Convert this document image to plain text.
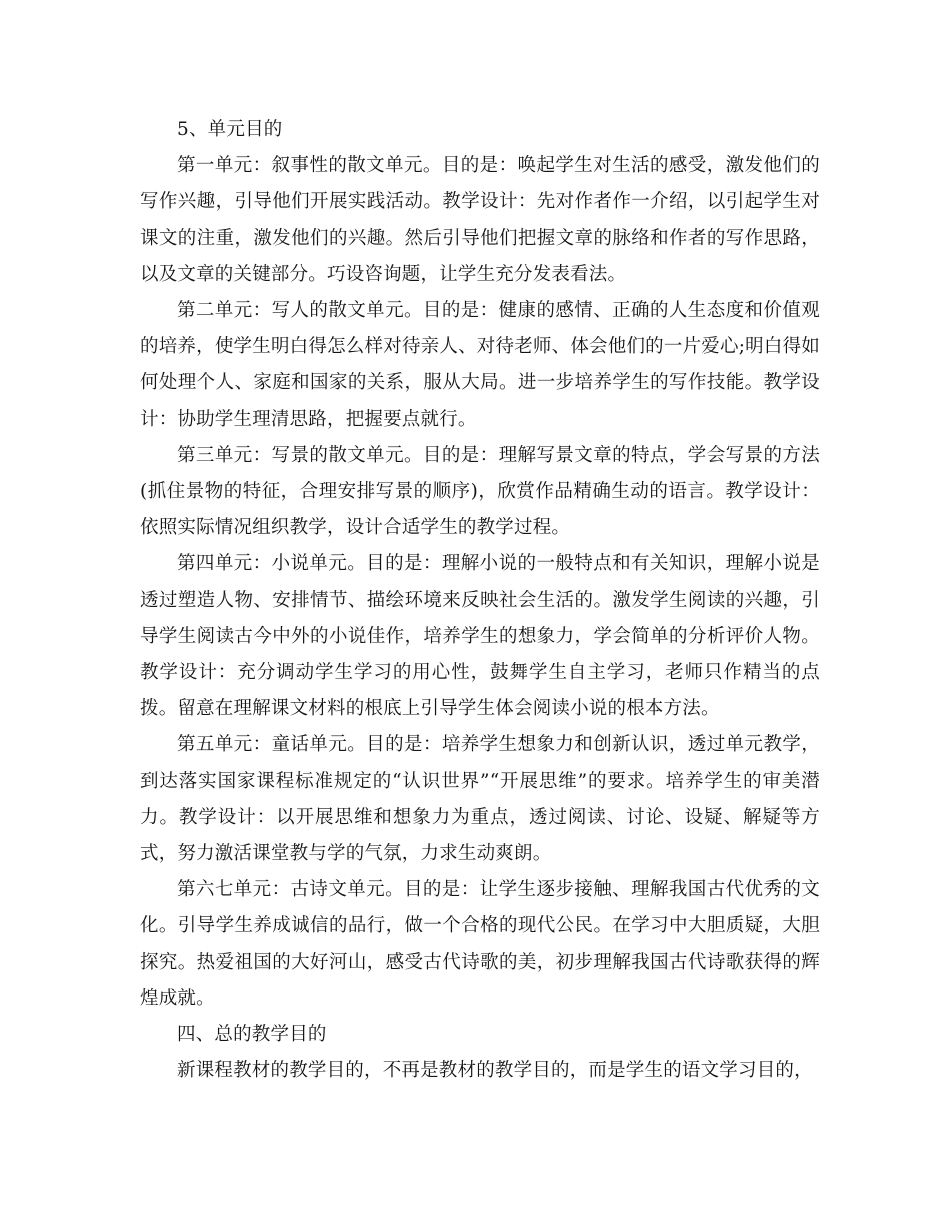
5、单元目的

第一单元：叙事性的散文单元。目的是：唤起学生对生活的感受，激发他们的写作兴趣，引导他们开展实践活动。教学设计：先对作者作一介绍，以引起学生对课文的注重，激发他们的兴趣。然后引导他们把握文章的脉络和作者的写作思路，以及文章的关键部分。巧设咨询题，让学生充分发表看法。

第二单元：写人的散文单元。目的是：健康的感情、正确的人生态度和价值观的培养，使学生明白得怎么样对待亲人、对待老师、体会他们的一片爱心;明白得如何处理个人、家庭和国家的关系，服从大局。进一步培养学生的写作技能。教学设计：协助学生理清思路，把握要点就行。

第三单元：写景的散文单元。目的是：理解写景文章的特点，学会写景的方法(抓住景物的特征，合理安排写景的顺序)，欣赏作品精确生动的语言。教学设计：依照实际情况组织教学，设计合适学生的教学过程。

第四单元：小说单元。目的是：理解小说的一般特点和有关知识，理解小说是透过塑造人物、安排情节、描绘环境来反映社会生活的。激发学生阅读的兴趣，引导学生阅读古今中外的小说佳作，培养学生的想象力，学会简单的分析评价人物。教学设计：充分调动学生学习的用心性，鼓舞学生自主学习，老师只作精当的点拨。留意在理解课文材料的根底上引导学生体会阅读小说的根本方法。

第五单元：童话单元。目的是：培养学生想象力和创新认识，透过单元教学，到达落实国家课程标准规定的“认识世界”“开展思维”的要求。培养学生的审美潜力。教学设计：以开展思维和想象力为重点，透过阅读、讨论、设疑、解疑等方式，努力激活课堂教与学的气氛，力求生动爽朗。

第六七单元：古诗文单元。目的是：让学生逐步接触、理解我国古代优秀的文化。引导学生养成诚信的品行，做一个合格的现代公民。在学习中大胆质疑，大胆探究。热爱祖国的大好河山，感受古代诗歌的美，初步理解我国古代诗歌获得的辉煌成就。

四、总的教学目的

新课程教材的教学目的，不再是教材的教学目的，而是学生的语文学习目的，
